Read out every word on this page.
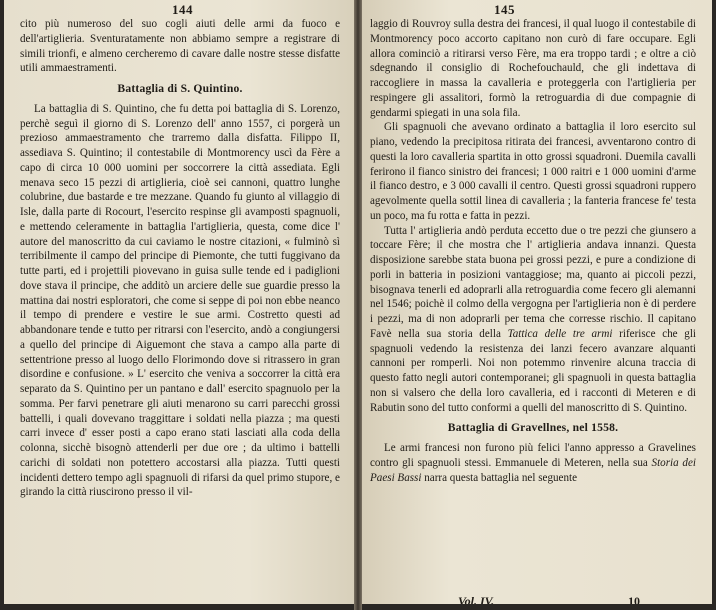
144

cito più numeroso del suo cogli aiuti delle armi da fuoco e dell'artiglieria. Sventuratamente non abbiamo sempre a registrare di simili trionfi, e almeno cercheremo di cavare dalle nostre stesse disfatte utili ammaestramenti.

Battaglia di S. Quintino.

La battaglia di S. Quintino, che fu detta poi battaglia di S. Lorenzo, perchè seguì il giorno di S. Lorenzo dell' anno 1557, ci porgerà un prezioso ammaestramento che trarremo dalla disfatta. Filippo II, assediava S. Quintino; il contestabile di Montmorency uscì da Fère a capo di circa 10 000 uomini per soccorrere la città assediata. Egli menava seco 15 pezzi di artiglieria, cioè sei cannoni, quattro lunghe colubrine, due bastarde e tre mezzane. Quando fu giunto al villaggio di Isle, dalla parte di Rocourt, l'esercito respinse gli avamposti spagnuoli, e mettendo celeramente in battaglia l'artiglieria, questa, come dice l' autore del manoscritto da cui caviamo le nostre citazioni, « fulminò sì terribilmente il campo del principe di Piemonte, che tutti fuggivano da tutte parti, ed i projettili piovevano in guisa sulle tende ed i padiglioni dove stava il principe, che additò un arciere delle sue guardie presso la mattina dai nostri esploratori, che come si seppe di poi non ebbe neanco il tempo di prendere e vestire le sue armi. Costretto questi ad abbandonare tende e tutto per ritrarsi con l'esercito, andò a congiungersi a quello del principe di Aiguemont che stava a campo alla parte di settentrione presso al luogo dello Florimondo dove si ritrassero in gran disordine e confusione. » L' esercito che veniva a soccorrer la città era separato da S. Quintino per un pantano e dall' esercito spagnuolo per la somma. Per farvi penetrare gli aiuti menarono su carri parecchi grossi battelli, i quali dovevano traggittare i soldati nella piazza ; ma questi carri invece d' esser posti a capo erano stati lasciati alla coda della colonna, sicchè bisognò attenderli per due ore ; da ultimo i battelli carichi di soldati non potettero accostarsi alla piazza. Tutti questi incidenti dettero tempo agli spagnuoli di rifarsi da quel primo stupore, e girando la città riuscirono presso il vil-

145

laggio di Rouvroy sulla destra dei francesi, il qual luogo il contestabile di Montmorency poco accorto capitano non curò di fare occupare. Egli allora cominciò a ritirarsi verso Fère, ma era troppo tardi ; e oltre a ciò sdegnando il consiglio di Rochefouchauld, che gli indettava di raccogliere in massa la cavalleria e proteggerla con l'artiglieria per respingere gli assalitori, formò la retroguardia di due compagnie di gendarmi spiegati in una sola fila.

Gli spagnuoli che avevano ordinato a battaglia il loro esercito sul piano, vedendo la precipitosa ritirata dei francesi, avventarono contro di questi la loro cavalleria spartita in otto grossi squadroni. Duemila cavalli ferirono il fianco sinistro dei francesi; 1 000 raitri e 1 000 uomini d'arme il fianco destro, e 3 000 cavalli il centro. Questi grossi squadroni ruppero agevolmente quella sottil linea di cavalleria ; la fanteria francese fe' testa un poco, ma fu rotta e fatta in pezzi.

Tutta l' artiglieria andò perduta eccetto due o tre pezzi che giunsero a toccare Fère; il che mostra che l' artiglieria andava innanzi. Questa disposizione sarebbe stata buona pei grossi pezzi, e pure a condizione di porli in batteria in posizioni vantaggiose; ma, quanto ai piccoli pezzi, bisognava tenerli ed adoprarli alla retroguardia come fecero gli alemanni nel 1546; poichè il colmo della vergogna per l'artiglieria non è di perdere i pezzi, ma di non adoprarli per tema che corresse rischio. Il capitano Favè nella sua storia della Tattica delle tre armi riferisce che gli spagnuoli vedendo la resistenza dei lanzi fecero avanzare alquanti cannoni per romperli. Noi non potemmo rinvenire alcuna traccia di questo fatto negli autori contemporanei; gli spagnuoli in questa battaglia non si valsero che della loro cavalleria, ed i racconti di Meteren e di Rabutin sono del tutto conformi a quelli del manoscritto di S. Quintino.

Battaglia di Gravellnes, nel 1558.

Le armi francesi non furono più felici l'anno appresso a Gravelines contro gli spagnuoli stessi. Emmanuele di Meteren, nella sua Storia dei Paesi Bassi narra questa battaglia nel seguente

Vol. IV.	10
